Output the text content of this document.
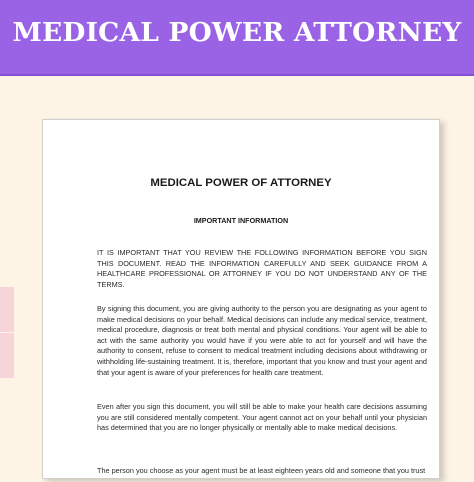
MEDICAL POWER ATTORNEY
MEDICAL POWER OF ATTORNEY
IMPORTANT INFORMATION

IT IS IMPORTANT THAT YOU REVIEW THE FOLLOWING INFORMATION BEFORE YOU SIGN THIS DOCUMENT. READ THE INFORMATION CAREFULLY AND SEEK GUIDANCE FROM A HEALTHCARE PROFESSIONAL OR ATTORNEY IF YOU DO NOT UNDERSTAND ANY OF THE TERMS.

By signing this document, you are giving authority to the person you are designating as your agent to make medical decisions on your behalf. Medical decisions can include any medical service, treatment, medical procedure, diagnosis or treat both mental and physical conditions. Your agent will be able to act with the same authority you would have if you were able to act for yourself and will have the authority to consent, refuse to consent to medical treatment including decisions about withdrawing or withholding life-sustaining treatment. It is, therefore, important that you know and trust your agent and that your agent is aware of your preferences for health care treatment.

Even after you sign this document, you will still be able to make your health care decisions assuming you are still considered mentally competent. Your agent cannot act on your behalf until your physician has determined that you are no longer physically or mentally able to make medical decisions.

The person you choose as your agent must be at least eighteen years old and someone that you trust
